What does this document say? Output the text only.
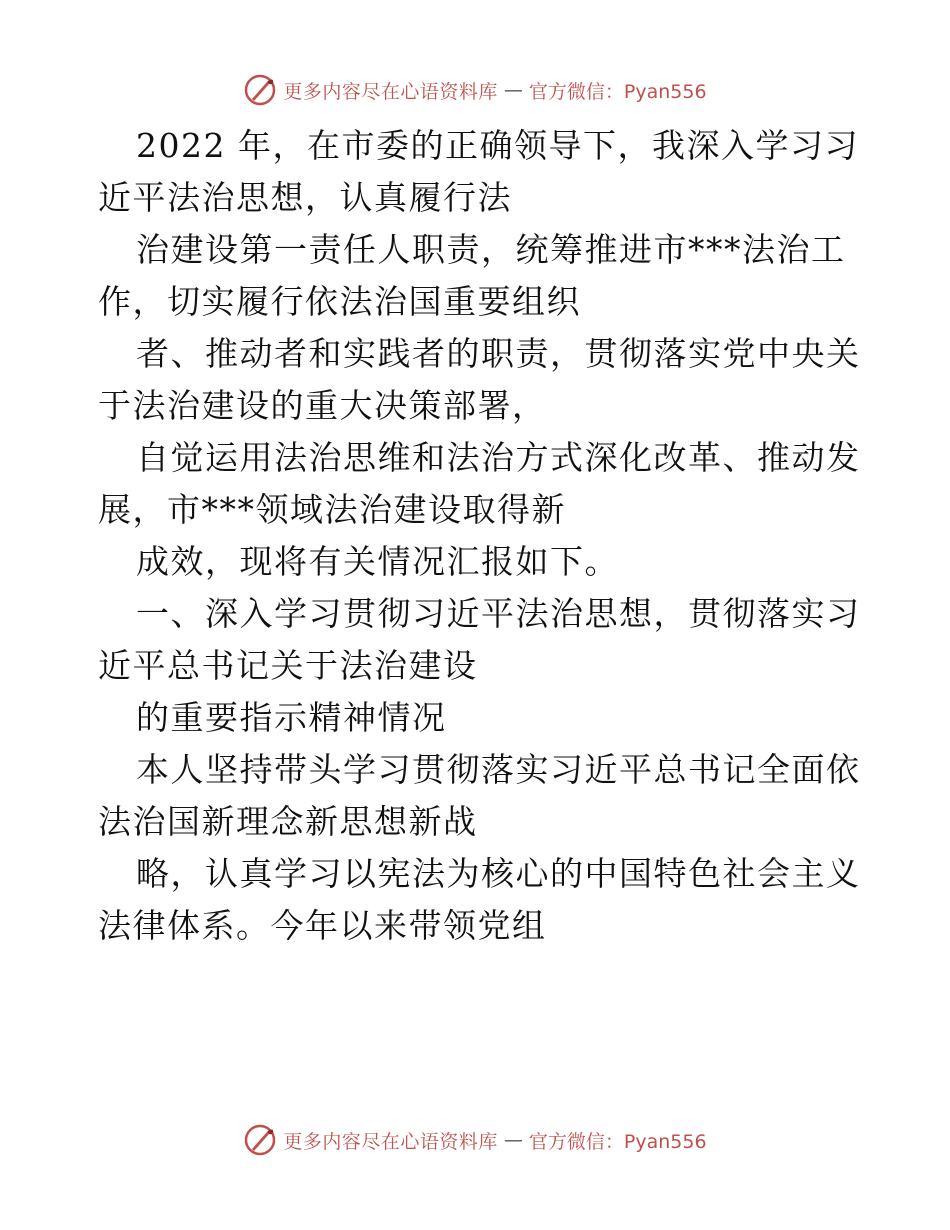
更多内容尽在心语资料库 — 官方微信：Pyan556
2022 年，在市委的正确领导下，我深入学习习
近平法治思想，认真履行法
治建设第一责任人职责，统筹推进市***法治工
作，切实履行依法治国重要组织
者、推动者和实践者的职责，贯彻落实党中央关
于法治建设的重大决策部署，
自觉运用法治思维和法治方式深化改革、推动发
展，市***领域法治建设取得新
成效，现将有关情况汇报如下。
一、深入学习贯彻习近平法治思想，贯彻落实习
近平总书记关于法治建设
的重要指示精神情况
本人坚持带头学习贯彻落实习近平总书记全面依
法治国新理念新思想新战
略，认真学习以宪法为核心的中国特色社会主义
法律体系。今年以来带领党组
更多内容尽在心语资料库 — 官方微信：Pyan556
